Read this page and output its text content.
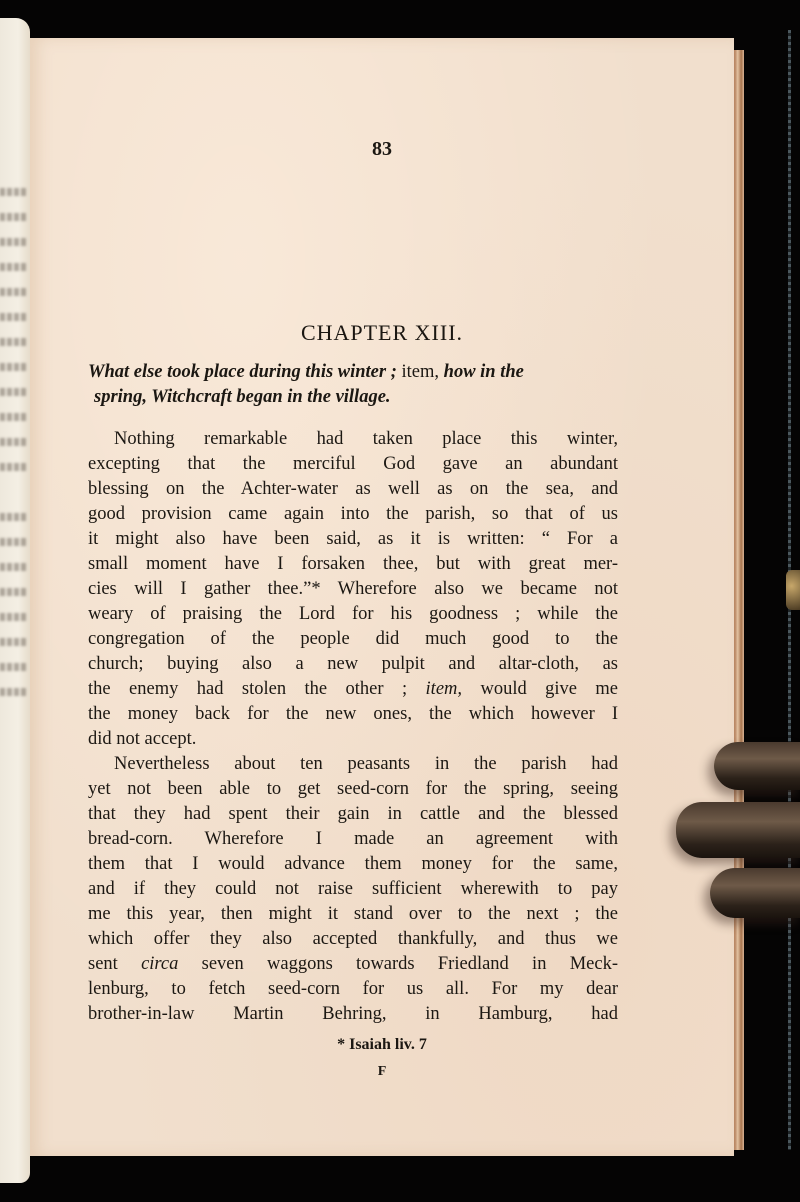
83
CHAPTER XIII.
What else took place during this winter ; item, how in the
spring, Witchcraft began in the village.
Nothing remarkable had taken place this winter,
excepting that the merciful God gave an abundant
blessing on the Achter-water as well as on the sea, and
good provision came again into the parish, so that of us
it might also have been said, as it is written: “ For a
small moment have I forsaken thee, but with great mer-
cies will I gather thee.”* Wherefore also we became not
weary of praising the Lord for his goodness ; while the
congregation of the people did much good to the
church; buying also a new pulpit and altar-cloth, as
the enemy had stolen the other ; item, would give me
the money back for the new ones, the which however I
did not accept.
Nevertheless about ten peasants in the parish had
yet not been able to get seed-corn for the spring, seeing
that they had spent their gain in cattle and the blessed
bread-corn. Wherefore I made an agreement with
them that I would advance them money for the same,
and if they could not raise sufficient wherewith to pay
me this year, then might it stand over to the next ; the
which offer they also accepted thankfully, and thus we
sent circa seven waggons towards Friedland in Meck-
lenburg, to fetch seed-corn for us all. For my dear
brother-in-law Martin Behring, in Hamburg, had
* Isaiah liv. 7
F
